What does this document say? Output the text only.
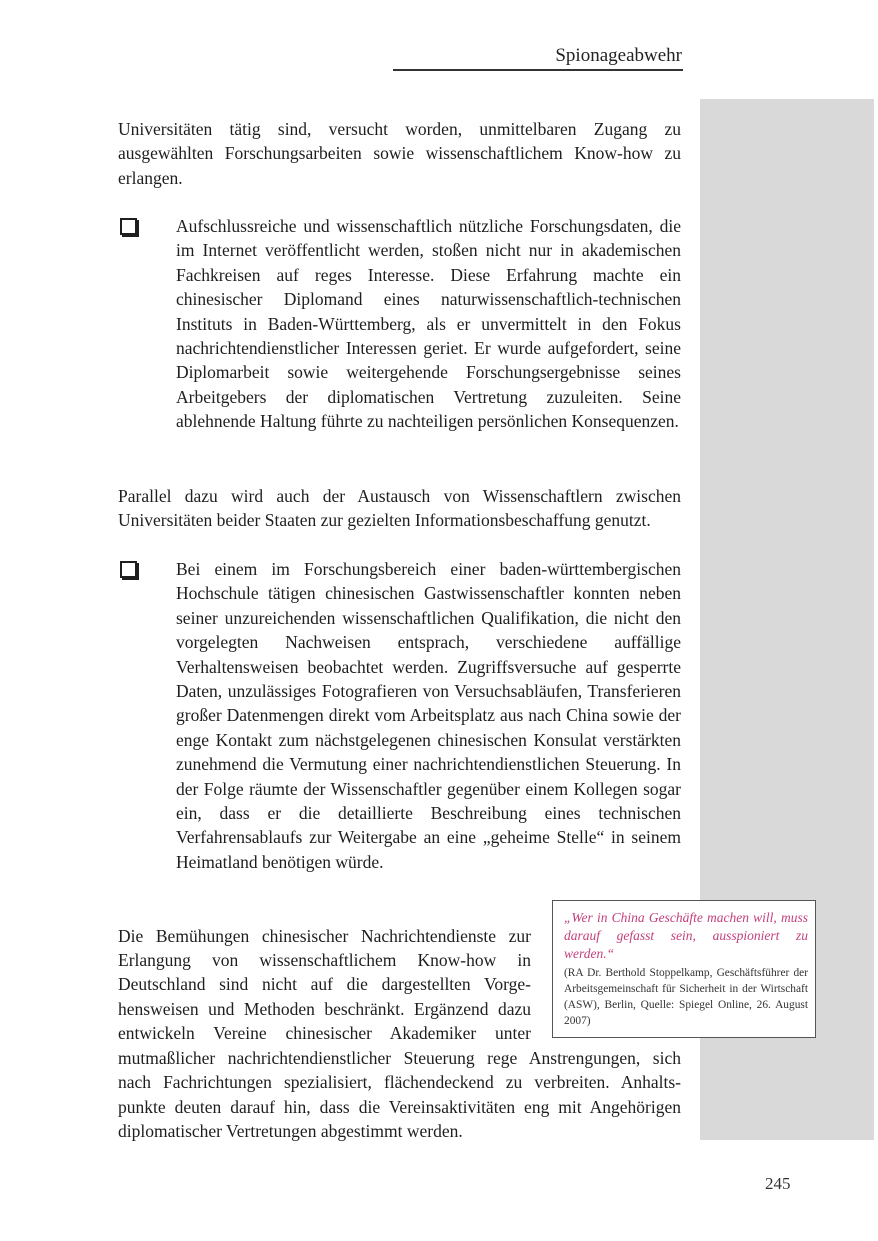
Spionageabwehr

Universitäten tätig sind, versucht worden, unmittelbaren Zugang zu ausgewählten Forschungsarbeiten sowie wissenschaftlichem Know-how zu erlangen.

Aufschlussreiche und wissenschaftlich nützliche Forschungsdaten, die im Internet veröffentlicht werden, stoßen nicht nur in akademischen Fachkreisen auf reges Interesse. Diese Erfahrung machte ein chinesischer Diplomand eines naturwissenschaftlich-technischen Instituts in Baden-Württemberg, als er unvermittelt in den Fokus nachrichtendienstlicher Interessen geriet. Er wurde aufgefordert, seine Diplomarbeit sowie weitergehende Forschungsergebnisse seines Arbeitgebers der diplomatischen Vertretung zuzuleiten. Seine ablehnende Haltung führte zu nachteiligen persönlichen Konsequenzen.

Parallel dazu wird auch der Austausch von Wissenschaftlern zwischen Universitäten beider Staaten zur gezielten Informationsbeschaffung genutzt.

Bei einem im Forschungsbereich einer baden-württembergischen Hochschule tätigen chinesischen Gastwissenschaftler konnten neben seiner unzureichenden wissenschaftlichen Qualifikation, die nicht den vorgelegten Nachweisen entsprach, verschiedene auffällige Verhaltensweisen beobachtet werden. Zugriffsversuche auf gesperrte Daten, unzulässiges Fotografieren von Versuchsabläufen, Transferieren großer Datenmengen direkt vom Arbeitsplatz aus nach China sowie der enge Kontakt zum nächstgelegenen chinesischen Konsulat verstärkten zunehmend die Vermutung einer nachrichtendienstlichen Steuerung. In der Folge räumte der Wissenschaftler gegenüber einem Kollegen sogar ein, dass er die detaillierte Beschreibung eines technischen Verfahrensablaufs zur Weitergabe an eine „geheime Stelle“ in seinem Heimatland benötigen würde.

Die Bemühungen chinesischer Nachrichtendienste zur
Erlangung von wissenschaftlichem Know-how in
Deutschland sind nicht auf die dargestellten Vorge-
hensweisen und Methoden beschränkt. Ergänzend dazu
entwickeln Vereine chinesischer Akademiker unter
mutmaßlicher nachrichtendienstlicher Steuerung rege Anstrengungen, sich
nach Fachrichtungen spezialisiert, flächendeckend zu verbreiten. Anhalts-
punkte deuten darauf hin, dass die Vereinsaktivitäten eng mit Angehörigen
diplomatischer Vertretungen abgestimmt werden.

„Wer in China Geschäfte machen will, muss darauf gefasst sein, ausspioniert zu werden.“

(RA Dr. Berthold Stoppelkamp, Geschäftsführer der Arbeitsgemeinschaft für Sicherheit in der Wirtschaft (ASW), Berlin, Quelle: Spiegel Online, 26. August 2007)

245
